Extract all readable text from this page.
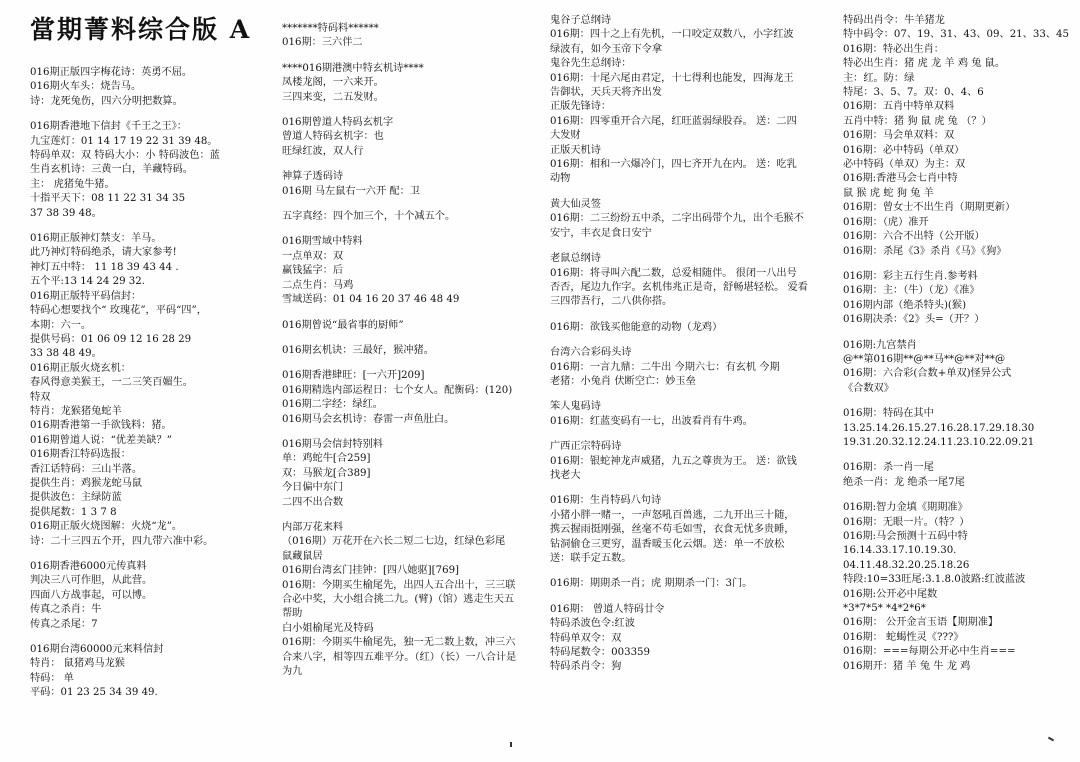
當期菁料综合版 A
016期正版四字梅花诗：英勇不屈。
016期火车头：烧告马。
诗：龙死兔伤，四六分明把数算。
016期香港地下信封《千王之王》：
九宝莲灯：01 14 17 19 22 31 39 48。
特码单双：双 特码大小：小 特码波色：蓝
生肖玄机诗：三黄一白，羊藏特码。
主： 虎猪兔牛猪。
十指平天下：08 11 22 31 34 35
37 38 39 48。
016期正版神灯禁支：羊马。
此乃神灯特码绝杀，请大家参考!
神灯五中特： 11 18 39 43 44 .
五个平:13 14 24 29 32.
016期正版特平码信封：
特码心想要找个“ 玫瑰花”，平码“四”，
本期：六一。
提供号码：01 06 09 12 16 28 29
33 38 48 49。
016期正版火烧玄机：
春风得意美猴王，一二三笑百媚生。
特双
特肖：龙猴猪兔蛇羊
016期香港第一手欲钱料：猪。
016期曾道人说：“优差美缺？”
016期香江特码选报：
香江话特码：三山半落。
提供生肖：鸡猴龙蛇马鼠
提供波色：主绿防蓝
提供尾数：1 3 7 8
016期正版火烧图解：火烧“龙”。
诗：二十三四五个开，四九带六准中彩。
016期香港6000元传真料
判决三八可作胆，从此营。
四面八方战事起，可以博。
传真之杀肖：牛
传真之杀尾：7
016期台湾60000元来料信封
特肖： 鼠猪鸡马龙猴
特码： 单
平码：01 23 25 34 39 49.
*******特码料******
016期：三六伴二
****016期港澳中特玄机诗****
凤楼龙阁，一六来开。
三四来变，二五发财。
016期曾道人特码玄机字
曾道人特码玄机字：也
旺绿红波，双人行
神算子透码诗
016期 马左鼠右一六开 配：卫
五字真经：四个加三个，十个减五个。
016期雪域中特料
一点单双：双
赢钱猛字：后
二点生肖：马鸡
雪域送码：01 04 16 20 37 46 48 49
016期曾说“最省事的厨师”
016期玄机诀：三最好，猴冲猪。
016期香港肆旺：[一六开]209]
016期精选内部运程日：七个女人。配衡码：(120)
016期二字经：绿红。
016期马会玄机诗：春雷一声鱼肚白。
016期马会信封特别料
单：鸡蛇牛[合259]
双：马猴龙[合389]
今日偏中东门
二四不出合数
内部万花来料
（016期）万花开在六长二短二七边，红绿色彩尾
鼠藏鼠居
016期台湾玄门挂钟：[四八她驱][769]
016期：今期买生榆尾先，出四人五合出十，三三联
合必中奖，大小组合挑二九。(臂)（馆）逃走生天五
帮助
白小姐榆尾光及特码
016期：今期买牛榆尾先，独一无二数上数，冲三六
合来八字，相等四五难平分。（红）（长）一八合计是
为九
鬼谷子总纲诗
016期：四十之上有先机，一口咬定双数八，小字红波
绿波有，如今玉帝下令拿
鬼谷先生总纲诗：
016期：十尾六尾由君定，十七得利也能发，四海龙王
告御状，天兵天将齐出发
正版先锋诗：
016期：四零重开合六尾，红旺蓝弱绿股吞。 送：二四
大发财
正版天机诗
016期：相和一六爆冷门，四七齐开九在内。 送：吃乳
动物
黄大仙灵签
016期：二三纷纷五中杀，二字出码带个九，出个毛猴不
安宁，丰衣足食日安宁
老鼠总纲诗
016期：将寻叫六配二数，总爱相随伴。 很闭一八出号
否否，尾边九作字。玄机伟兆正是奇，舒畅堪轻松。 爱看
三四带吾行，二八供你搭。
016期：欲钱买他能意的动物（龙鸡）
台湾六合彩码头诗
016期：一言九鼎：二牛出 今期六七：有玄机 今期
老猪：小兔肖 伏断空亡：妙玉垒
笨人鬼码诗
016期：红蓝变码有一七，出波看肖有牛鸡。
广西正宗特码诗
016期：银蛇神龙声威猪，九五之尊贵为王。 送：欲钱
找老大
016期：生肖特码八句诗
小猪小胖一赌一，一声怒吼百兽逃，二九开出三十随，
携云握雨挺刚强，丝毫不苟毛如雪，衣食无忧多贵睡，
钻洞偷仓三更穷，温香暖玉化云烟。送：单一不放松
送：联手定五数。
016期：期期杀一肖；虎 期期杀一门：3门。
016期： 曾道人特码廿令
特码杀波色令:红波
特码单双令：双
特码尾数令：003359
特码杀肖令：狗
特码出肖令：牛羊猪龙
特中码令：07、19、31、43、09、21、33、45
016期：特必出生肖：
特必出生肖：猪 虎 龙 羊 鸡 兔 鼠。
主：红。防：绿
特尾：3、5、7。双：0、4、6
016期：五肖中特单双料
五肖中特：猪 狗 鼠 虎 兔 （？）
016期：马会单双料：双
016期：必中特码（单双）
必中特码（单双）为主：双
016期:香港马会七肖中特
鼠 猴 虎 蛇 狗 兔 羊
016期：曾女士不出生肖（期期更新）
016期：（虎）准开
016期：六合不出特（公开版）
016期：杀尾《3》杀肖《马》《狗》
016期：彩主五行生肖.参考料
016期：主：（牛）（龙）《准》
016期内部（绝杀特头)(猴)
016期决杀：《2》头=（开？）
016期:九宫禁肖
@**第016期**@**马**@**对**@
016期：六合彩(合数+单双)怪异公式
《合数双》
016期：特码在其中
13.25.14.26.15.27.16.28.17.29.18.30
19.31.20.32.12.24.11.23.10.22.09.21
016期：杀一肖一尾
绝杀一肖：龙 绝杀一尾7尾
016期:智力金填《期期准》
016期：无眼一片。（特？）
016期:马会预测十五码中特
16.14.33.17.10.19.30.
04.11.48.32.20.25.18.26
特段:10=33旺尾:3.1.8.0波路:红波蓝波
016期:公开必中尾数
*3*7*5* *4*2*6*
016期： 公开金言玉语【期期准】
016期： 蛇蝎性灵《???》
016期：===每期公开必中生肖===
016期开：猪 羊 兔 牛 龙 鸡
